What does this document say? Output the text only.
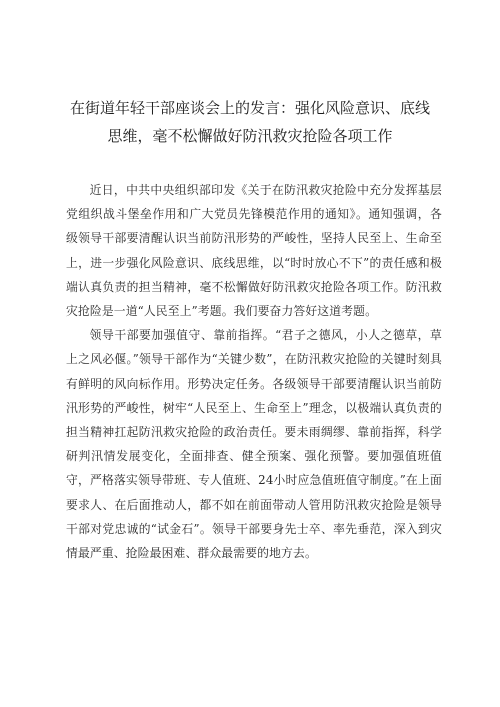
在街道年轻干部座谈会上的发言：强化风险意识、底线
思维，毫不松懈做好防汛救灾抢险各项工作

近日，中共中央组织部印发《关于在防汛救灾抢险中充分发挥基层党组织战斗堡垒作用和广大党员先锋模范作用的通知》。通知强调，各级领导干部要清醒认识当前防汛形势的严峻性，坚持人民至上、生命至上，进一步强化风险意识、底线思维，以“时时放心不下”的责任感和极端认真负责的担当精神，毫不松懈做好防汛救灾抢险各项工作。防汛救灾抢险是一道“人民至上”考题。我们要奋力答好这道考题。

领导干部要加强值守、靠前指挥。“君子之德风，小人之德草，草上之风必偃。”领导干部作为“关键少数”，在防汛救灾抢险的关键时刻具有鲜明的风向标作用。形势决定任务。各级领导干部要清醒认识当前防汛形势的严峻性，树牢“人民至上、生命至上”理念，以极端认真负责的担当精神扛起防汛救灾抢险的政治责任。要未雨绸缪、靠前指挥，科学研判汛情发展变化，全面排查、健全预案、强化预警。要加强值班值守，严格落实领导带班、专人值班、24小时应急值班值守制度。”在上面要求人、在后面推动人，都不如在前面带动人管用防汛救灾抢险是领导干部对党忠诚的“试金石”。领导干部要身先士卒、率先垂范，深入到灾情最严重、抢险最困难、群众最需要的地方去。
